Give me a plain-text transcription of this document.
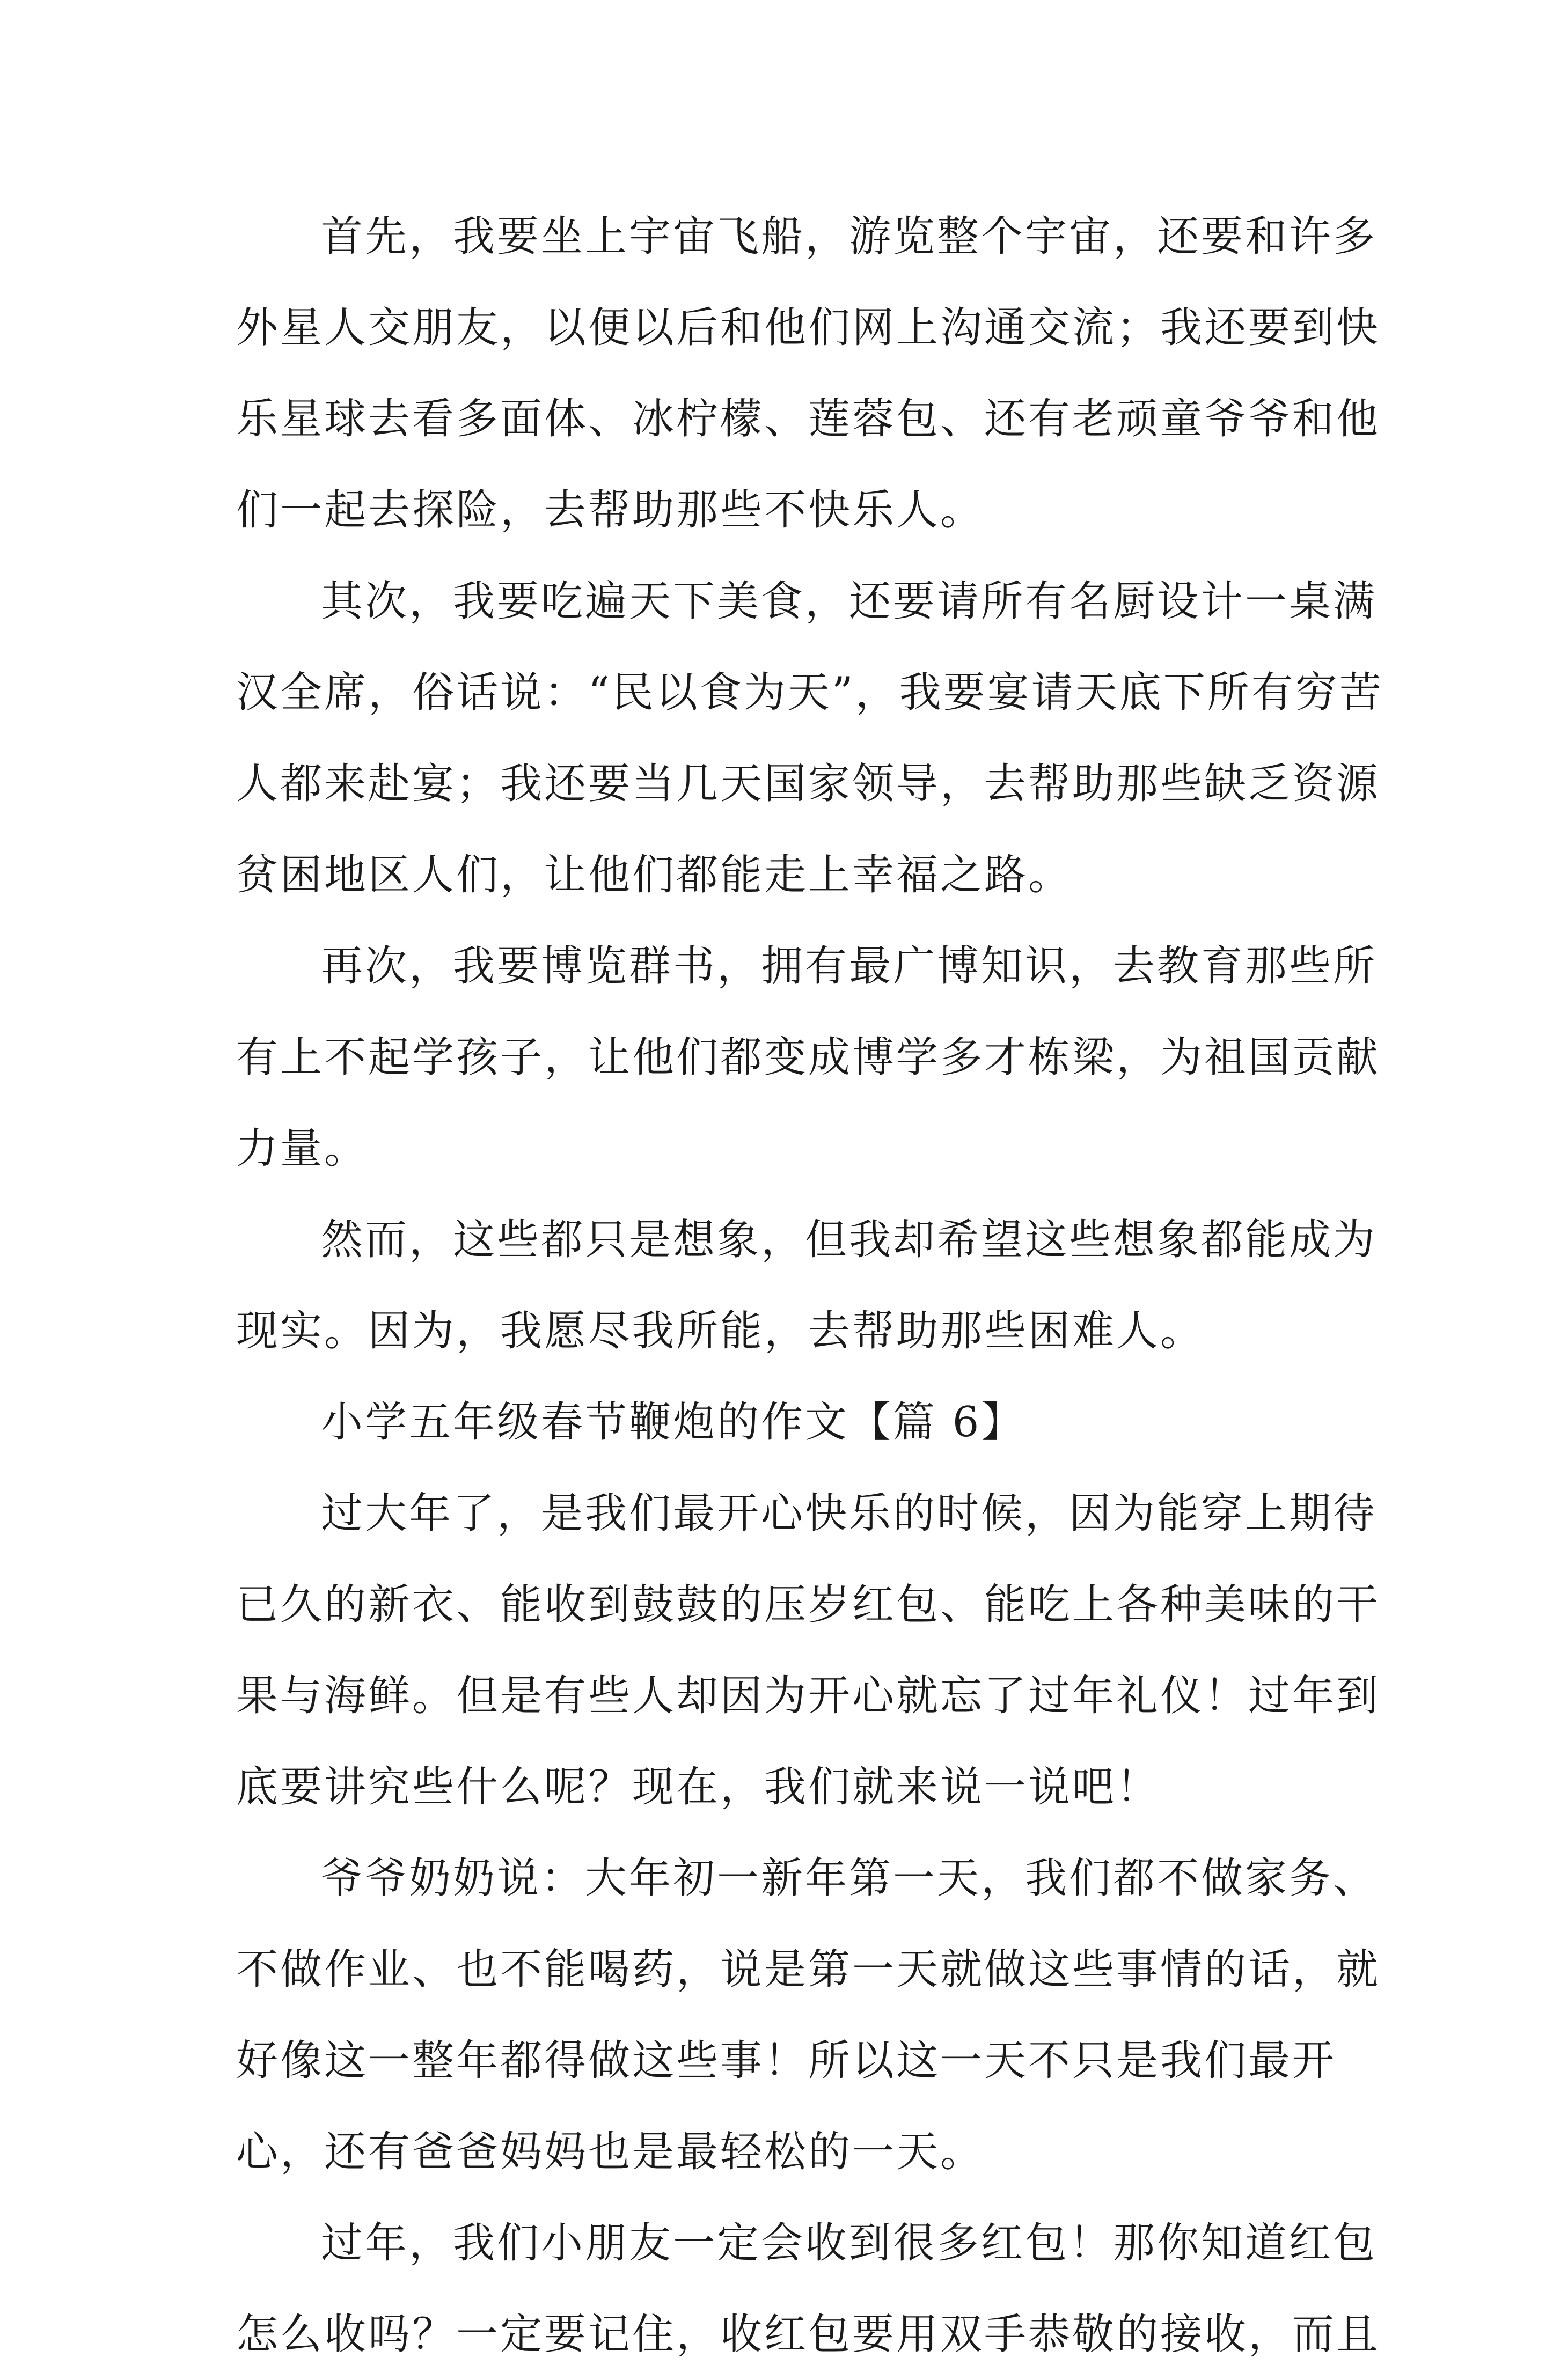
首先，我要坐上宇宙飞船，游览整个宇宙，还要和许多
外星人交朋友，以便以后和他们网上沟通交流；我还要到快
乐星球去看多面体、冰柠檬、莲蓉包、还有老顽童爷爷和他
们一起去探险，去帮助那些不快乐人。
其次，我要吃遍天下美食，还要请所有名厨设计一桌满
汉全席，俗话说：“民以食为天”，我要宴请天底下所有穷苦
人都来赴宴；我还要当几天国家领导，去帮助那些缺乏资源
贫困地区人们，让他们都能走上幸福之路。
再次，我要博览群书，拥有最广博知识，去教育那些所
有上不起学孩子，让他们都变成博学多才栋梁，为祖国贡献
力量。
然而，这些都只是想象，但我却希望这些想象都能成为
现实。因为，我愿尽我所能，去帮助那些困难人。
小学五年级春节鞭炮的作文【篇 6】
过大年了，是我们最开心快乐的时候，因为能穿上期待
已久的新衣、能收到鼓鼓的压岁红包、能吃上各种美味的干
果与海鲜。但是有些人却因为开心就忘了过年礼仪！过年到
底要讲究些什么呢？现在，我们就来说一说吧！
爷爷奶奶说：大年初一新年第一天，我们都不做家务、
不做作业、也不能喝药，说是第一天就做这些事情的话，就
好像这一整年都得做这些事！所以这一天不只是我们最开
心，还有爸爸妈妈也是最轻松的一天。
过年，我们小朋友一定会收到很多红包！那你知道红包
怎么收吗？一定要记住，收红包要用双手恭敬的接收，而且
